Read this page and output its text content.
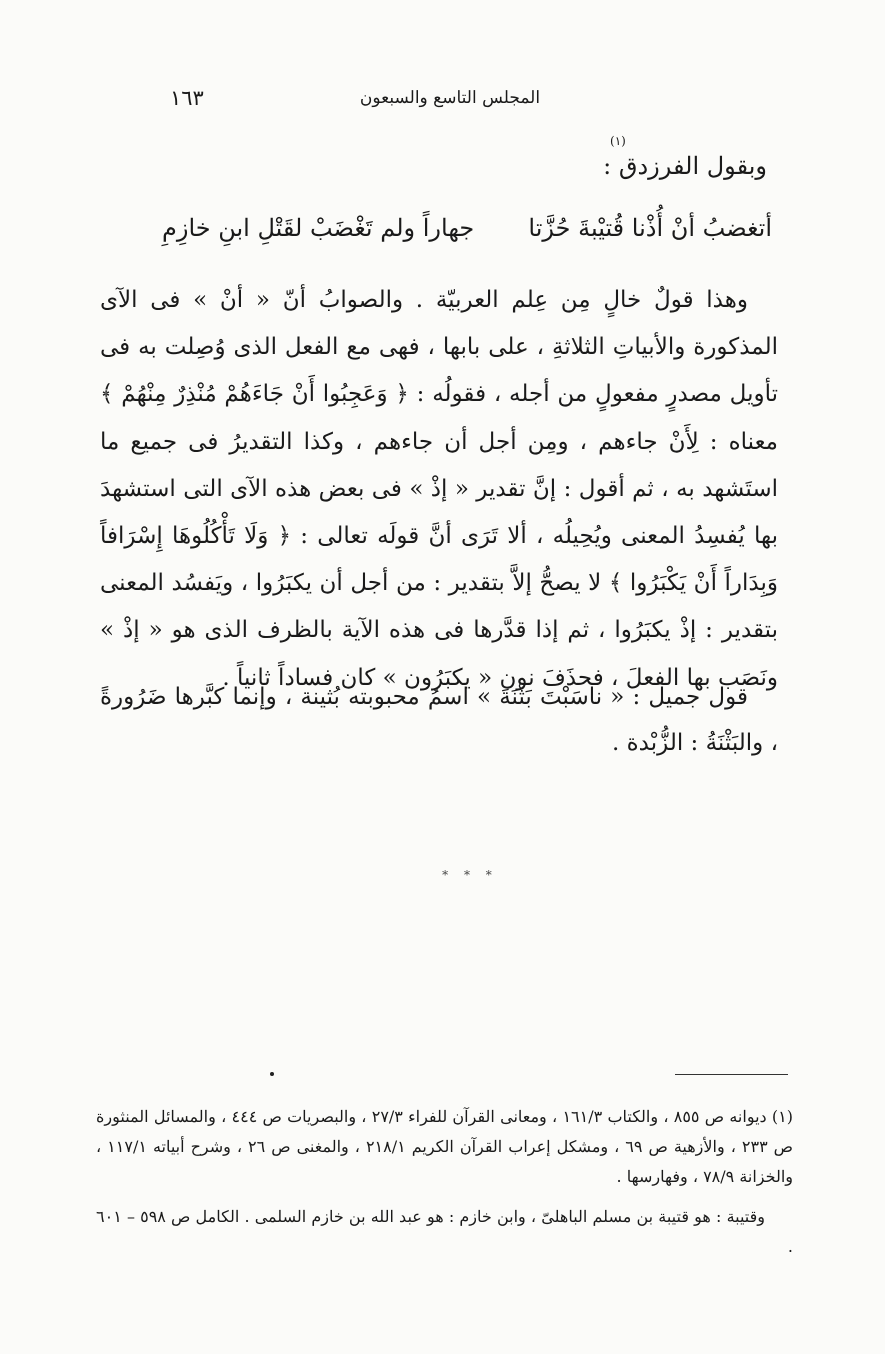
المجلس التاسع والسبعون
١٦٣
(١)
وبقول الفرزدق :
أتغضبُ أنْ أُذْنا قُتيْبةَ حُزَّتا
جهاراً ولم تَغْضَبْ لقَتْلِ ابنِ خازِمِ

وهذا قولٌ خالٍ مِن عِلم العربيّة . والصوابُ أنّ « أنْ » فى الآى المذكورة والأبياتِ الثلاثةِ ، على بابها ، فهى مع الفعل الذى وُصِلت به فى تأويل مصدرٍ مفعولٍ من أجله ، فقولُه : ﴿ وَعَجِبُوا أَنْ جَاءَهُمْ مُنْذِرٌ مِنْهُمْ ﴾ معناه : لِأَنْ جاءهم ، ومِن أجل أن جاءهم ، وكذا التقديرُ فى جميع ما استَشهد به ، ثم أقول : إنَّ تقدير « إذْ » فى بعض هذه الآى التى استشهدَ بها يُفسِدُ المعنى ويُحِيلُه ، ألا تَرَى أنَّ قولَه تعالى : ﴿ وَلَا تَأْكُلُوهَا إِسْرَافاً وَبِدَاراً أَنْ يَكْبَرُوا ﴾ لا يصحُّ إلاَّ بتقدير : من أجل أن يكبَرُوا ، ويَفسُد المعنى بتقدير : إذْ يكبَرُوا ، ثم إذا قدَّرها فى هذه الآية بالظرف الذى هو « إذْ » ونَصَب بها الفعلَ ، فحذَفَ نون « يكبَرُون » كان فساداً ثانياً .

قول جميل : « ناسَبْتَ بَثْنَةَ » اسمُ محبوبته بُثينة ، وإنما كبَّرها ضَرُورةً ، والبَثْنَةُ : الزُّبْدة .

* * *

(١) ديوانه ص ٨٥٥ ، والكتاب ١٦١/٣ ، ومعانى القرآن للفراء ٢٧/٣ ، والبصريات ص ٤٤٤ ، والمسائل المنثورة ص ٢٣٣ ، والأزهية ص ٦٩ ، ومشكل إعراب القرآن الكريم ٢١٨/١ ، والمغنى ص ٢٦ ، وشرح أبياته ١١٧/١ ، والخزانة ٧٨/٩ ، وفهارسها .

وقتيبة : هو قتيبة بن مسلم الباهلىّ ، وابن خازم : هو عبد الله بن خازم السلمى . الكامل ص ٥٩٨ – ٦٠١ .
